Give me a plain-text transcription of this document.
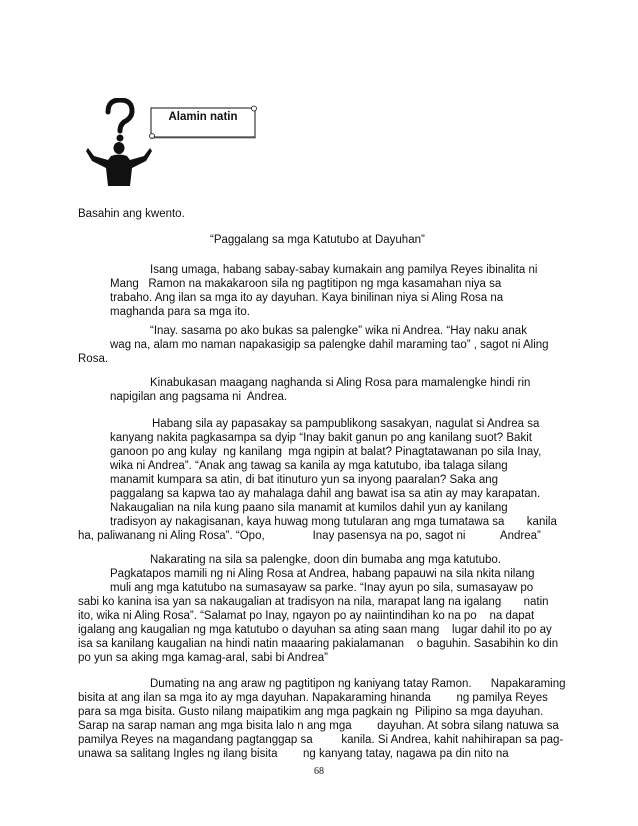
Alamin natin
Basahin ang kwento.
“Paggalang sa mga Katutubo at Dayuhan”
Isang umaga, habang sabay-sabay kumakain ang pamilya Reyes ibinalita ni
Mang   Ramon na makakaroon sila ng pagtitipon ng mga kasamahan niya sa
trabaho. Ang ilan sa mga ito ay dayuhan. Kaya binilinan niya si Aling Rosa na
maghanda para sa mga ito.
“Inay. sasama po ako bukas sa palengke” wika ni Andrea. “Hay naku anak
wag na, alam mo naman napakasigip sa palengke dahil maraming tao” , sagot ni Aling
Rosa.
Kinabukasan maagang naghanda si Aling Rosa para mamalengke hindi rin
napigilan ang pagsama ni  Andrea.
Habang sila ay papasakay sa pampublikong sasakyan, nagulat si Andrea sa
kanyang nakita pagkasampa sa dyip “Inay bakit ganun po ang kanilang suot? Bakit
ganoon po ang kulay  ng kanilang  mga ngipin at balat? Pinagtatawanan po sila Inay,
wika ni Andrea”. “Anak ang tawag sa kanila ay mga katutubo, iba talaga silang
manamit kumpara sa atin, di bat itinuturo yun sa inyong paaralan? Saka ang
paggalang sa kapwa tao ay mahalaga dahil ang bawat isa sa atin ay may karapatan.
Nakaugalian na nila kung paano sila manamit at kumilos dahil yun ay kanilang
tradisyon ay nakagisanan, kaya huwag mong tutularan ang mga tumatawa sa       kanila
ha, paliwanang ni Aling Rosa”. “Opo,               Inay pasensya na po, sagot ni           Andrea”
Nakarating na sila sa palengke, doon din bumaba ang mga katutubo.
Pagkatapos mamili ng ni Aling Rosa at Andrea, habang papauwi na sila nkita nilang
muli ang mga katutubo na sumasayaw sa parke. “Inay ayun po sila, sumasayaw po
sabi ko kanina isa yan sa nakaugalian at tradisyon na nila, marapat lang na igalang       natin
ito, wika ni Aling Rosa”. “Salamat po Inay, ngayon po ay naiintindihan ko na po    na dapat
igalang ang kaugalian ng mga katutubo o dayuhan sa ating saan mang    lugar dahil ito po ay
isa sa kanilang kaugalian na hindi natin maaaring pakialamanan    o baguhin. Sasabihin ko din
po yun sa aking mga kamag-aral, sabi bi Andrea”
Dumating na ang araw ng pagtitipon ng kaniyang tatay Ramon.      Napakaraming
bisita at ang ilan sa mga ito ay mga dayuhan. Napakaraming hinanda        ng pamilya Reyes
para sa mga bisita. Gusto nilang maipatikim ang mga pagkain ng  Pilipino sa mga dayuhan.
Sarap na sarap naman ang mga bisita lalo n ang mga        dayuhan. At sobra silang natuwa sa
pamilya Reyes na magandang pagtanggap sa         kanila. Si Andrea, kahit nahihirapan sa pag-
unawa sa salitang Ingles ng ilang bisita        ng kanyang tatay, nagawa pa din nito na
68
